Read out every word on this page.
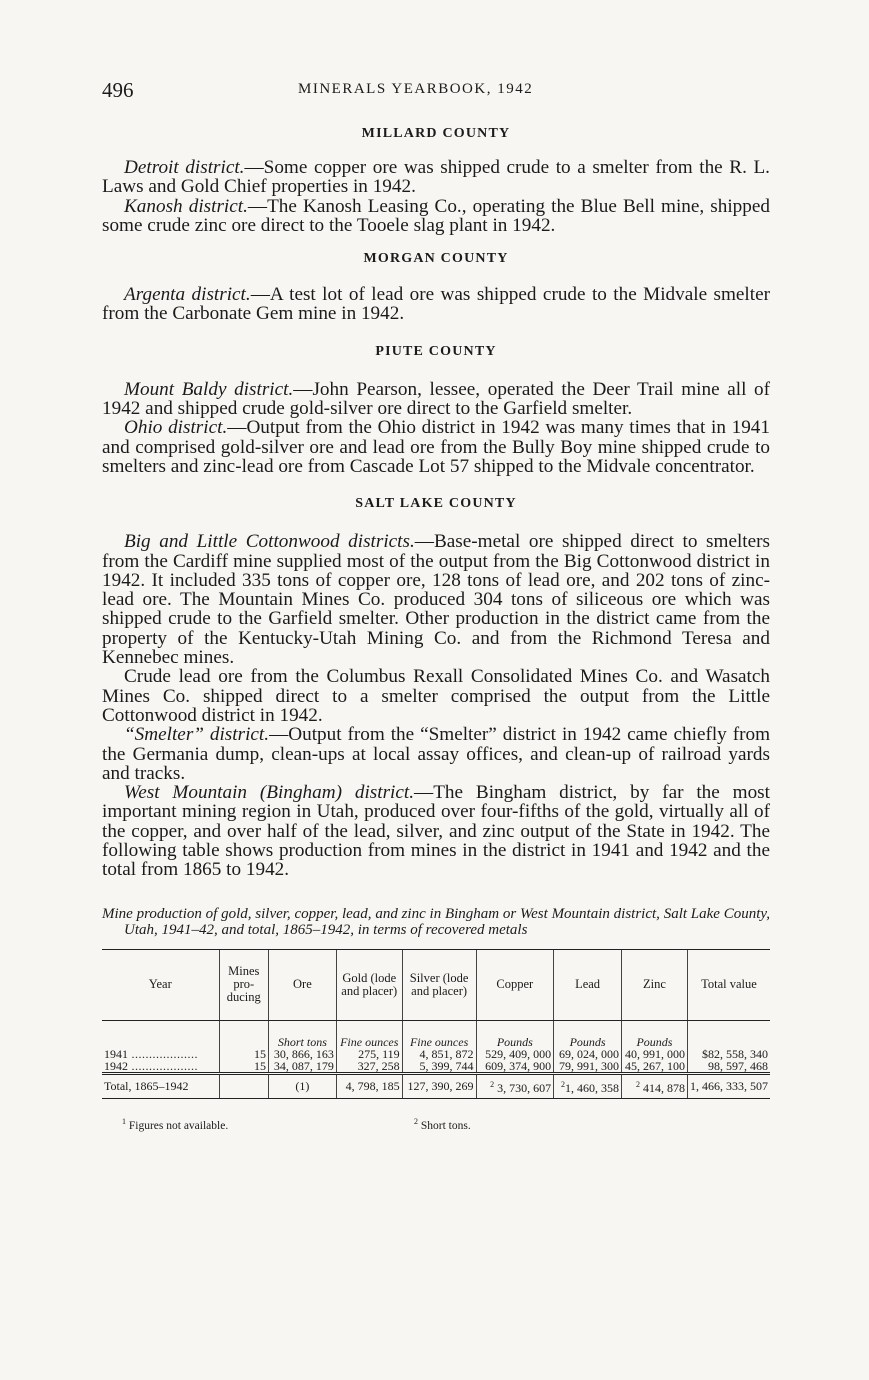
496	MINERALS YEARBOOK, 1942
MILLARD COUNTY

Detroit district.—Some copper ore was shipped crude to a smelter from the R. L. Laws and Gold Chief properties in 1942.

Kanosh district.—The Kanosh Leasing Co., operating the Blue Bell mine, shipped some crude zinc ore direct to the Tooele slag plant in 1942.

MORGAN COUNTY

Argenta district.—A test lot of lead ore was shipped crude to the Midvale smelter from the Carbonate Gem mine in 1942.

PIUTE COUNTY

Mount Baldy district.—John Pearson, lessee, operated the Deer Trail mine all of 1942 and shipped crude gold-silver ore direct to the Garfield smelter.

Ohio district.—Output from the Ohio district in 1942 was many times that in 1941 and comprised gold-silver ore and lead ore from the Bully Boy mine shipped crude to smelters and zinc-lead ore from Cascade Lot 57 shipped to the Midvale concentrator.

SALT LAKE COUNTY

Big and Little Cottonwood districts.—Base-metal ore shipped direct to smelters from the Cardiff mine supplied most of the output from the Big Cottonwood district in 1942. It included 335 tons of copper ore, 128 tons of lead ore, and 202 tons of zinc-lead ore. The Mountain Mines Co. produced 304 tons of siliceous ore which was shipped crude to the Garfield smelter. Other production in the district came from the property of the Kentucky-Utah Mining Co. and from the Richmond Teresa and Kennebec mines.

Crude lead ore from the Columbus Rexall Consolidated Mines Co. and Wasatch Mines Co. shipped direct to a smelter comprised the output from the Little Cottonwood district in 1942.

“Smelter” district.—Output from the “Smelter” district in 1942 came chiefly from the Germania dump, clean-ups at local assay offices, and clean-up of railroad yards and tracks.

West Mountain (Bingham) district.—The Bingham district, by far the most important mining region in Utah, produced over four-fifths of the gold, virtually all of the copper, and over half of the lead, silver, and zinc output of the State in 1942. The following table shows production from mines in the district in 1941 and 1942 and the total from 1865 to 1942.

Mine production of gold, silver, copper, lead, and zinc in Bingham or West Mountain district, Salt Lake County, Utah, 1941–42, and total, 1865–1942, in terms of recovered metals
Year	Mines pro- ducing	Ore	Gold (lode and placer)	Silver (lode and placer)	Copper	Lead	Zinc	Total value
		Short tons	Fine ounces	Fine ounces	Pounds	Pounds	Pounds	
1941 .....	15	30, 866, 163	275, 119	4, 851, 872	529, 409, 000	69, 024, 000	40, 991, 000	$82, 558, 340
1942 .....	15	34, 087, 179	327, 258	5, 399, 744	609, 374, 900	79, 991, 300	45, 267, 100	98, 597, 468
Total, 1865–1942		(1)	4, 798, 185	127, 390, 269	$^2$ 3, 730, 607	$^2$1, 460, 358	$^2$ 414, 878	1, 466, 333, 507
$^1$ Figures not available.	$^2$ Short tons.
